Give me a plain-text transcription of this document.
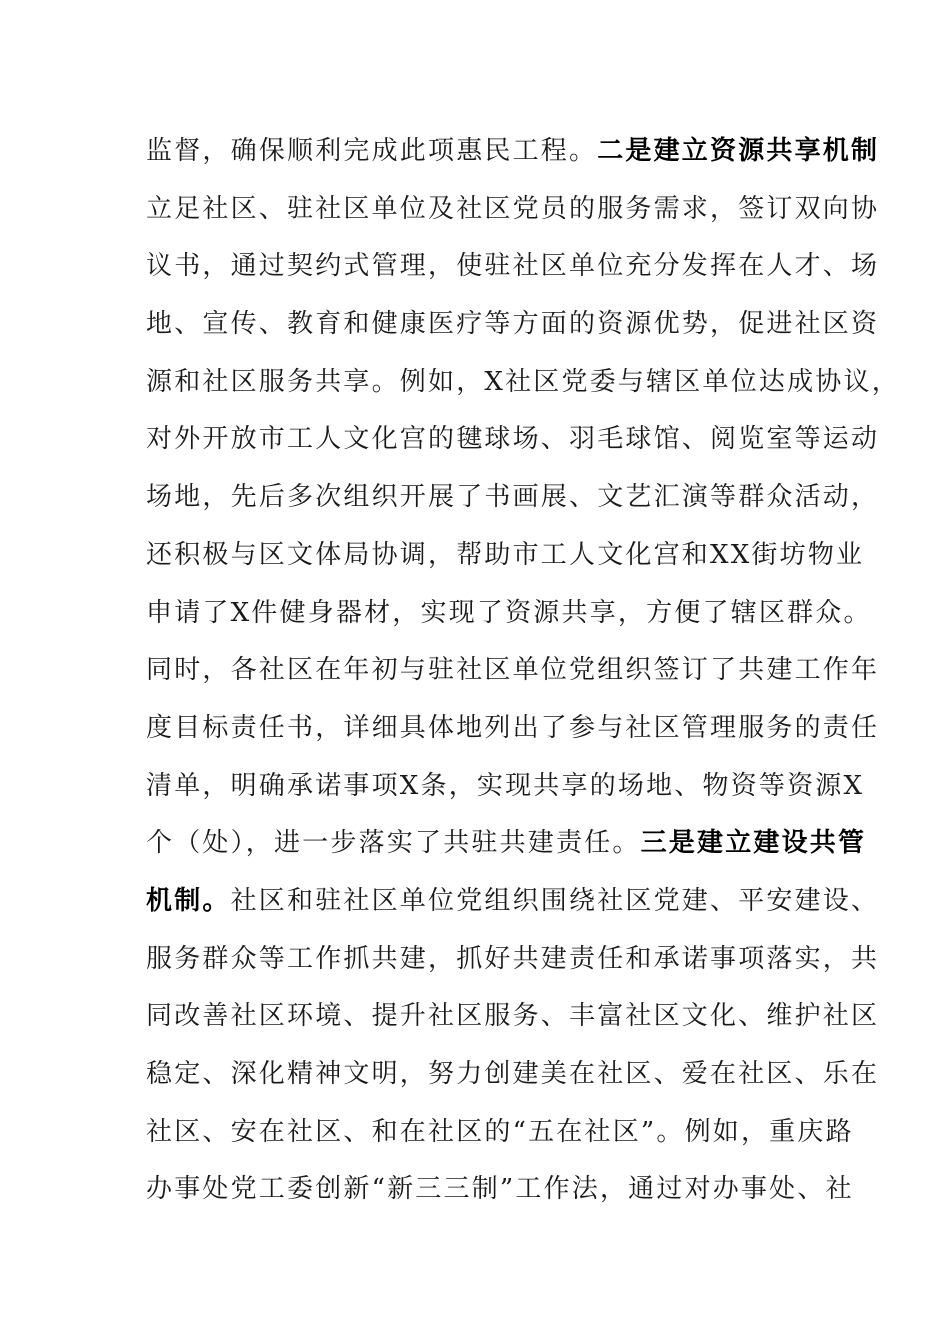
监督，确保顺利完成此项惠民工程。二是建立资源共享机制
立足社区、驻社区单位及社区党员的服务需求，签订双向协
议书，通过契约式管理，使驻社区单位充分发挥在人才、场
地、宣传、教育和健康医疗等方面的资源优势，促进社区资
源和社区服务共享。例如，X社区党委与辖区单位达成协议，
对外开放市工人文化宫的毽球场、羽毛球馆、阅览室等运动
场地，先后多次组织开展了书画展、文艺汇演等群众活动，
还积极与区文体局协调，帮助市工人文化宫和XX街坊物业
申请了X件健身器材，实现了资源共享，方便了辖区群众。
同时，各社区在年初与驻社区单位党组织签订了共建工作年
度目标责任书，详细具体地列出了参与社区管理服务的责任
清单，明确承诺事项X条，实现共享的场地、物资等资源X
个（处），进一步落实了共驻共建责任。三是建立建设共管
机制。社区和驻社区单位党组织围绕社区党建、平安建设、
服务群众等工作抓共建，抓好共建责任和承诺事项落实，共
同改善社区环境、提升社区服务、丰富社区文化、维护社区
稳定、深化精神文明，努力创建美在社区、爱在社区、乐在
社区、安在社区、和在社区的“五在社区”。例如，重庆路
办事处党工委创新“新三三制”工作法，通过对办事处、社
